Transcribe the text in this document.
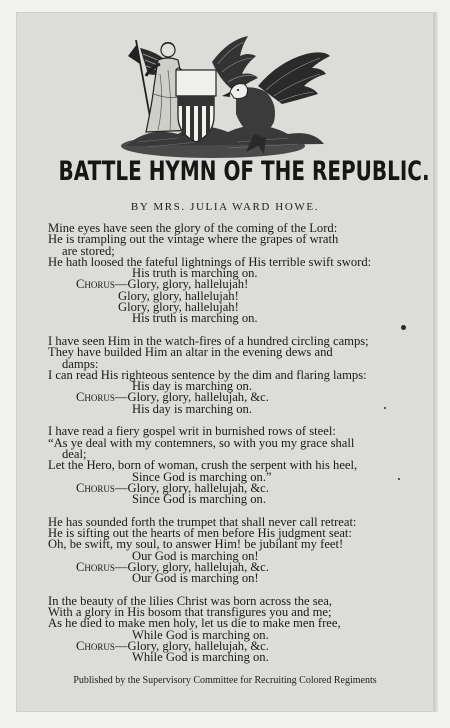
BATTLE HYMN OF THE REPUBLIC.
BY MRS. JULIA WARD HOWE.
Mine eyes have seen the glory of the coming of the Lord:
He is trampling out the vintage where the grapes of wrath
are stored;
He hath loosed the fateful lightnings of His terrible swift sword:
His truth is marching on.
Chorus—Glory, glory, hallelujah!
Glory, glory, hallelujah!
Glory, glory, hallelujah!
His truth is marching on.
I have seen Him in the watch-fires of a hundred circling camps;
They have builded Him an altar in the evening dews and
damps:
I can read His righteous sentence by the dim and flaring lamps:
His day is marching on.
Chorus—Glory, glory, hallelujah, &c.
His day is marching on.
I have read a fiery gospel writ in burnished rows of steel:
“As ye deal with my contemners, so with you my grace shall
deal;
Let the Hero, born of woman, crush the serpent with his heel,
Since God is marching on.”
Chorus—Glory, glory, hallelujah, &c.
Since God is marching on.
He has sounded forth the trumpet that shall never call retreat:
He is sifting out the hearts of men before His judgment seat:
Oh, be swift, my soul, to answer Him! be jubilant my feet!
Our God is marching on!
Chorus—Glory, glory, hallelujah, &c.
Our God is marching on!
In the beauty of the lilies Christ was born across the sea,
With a glory in His bosom that transfigures you and me;
As he died to make men holy, let us die to make men free,
While God is marching on.
Chorus—Glory, glory, hallelujah, &c.
While God is marching on.
Published by the Supervisory Committee for Recruiting Colored Regiments
